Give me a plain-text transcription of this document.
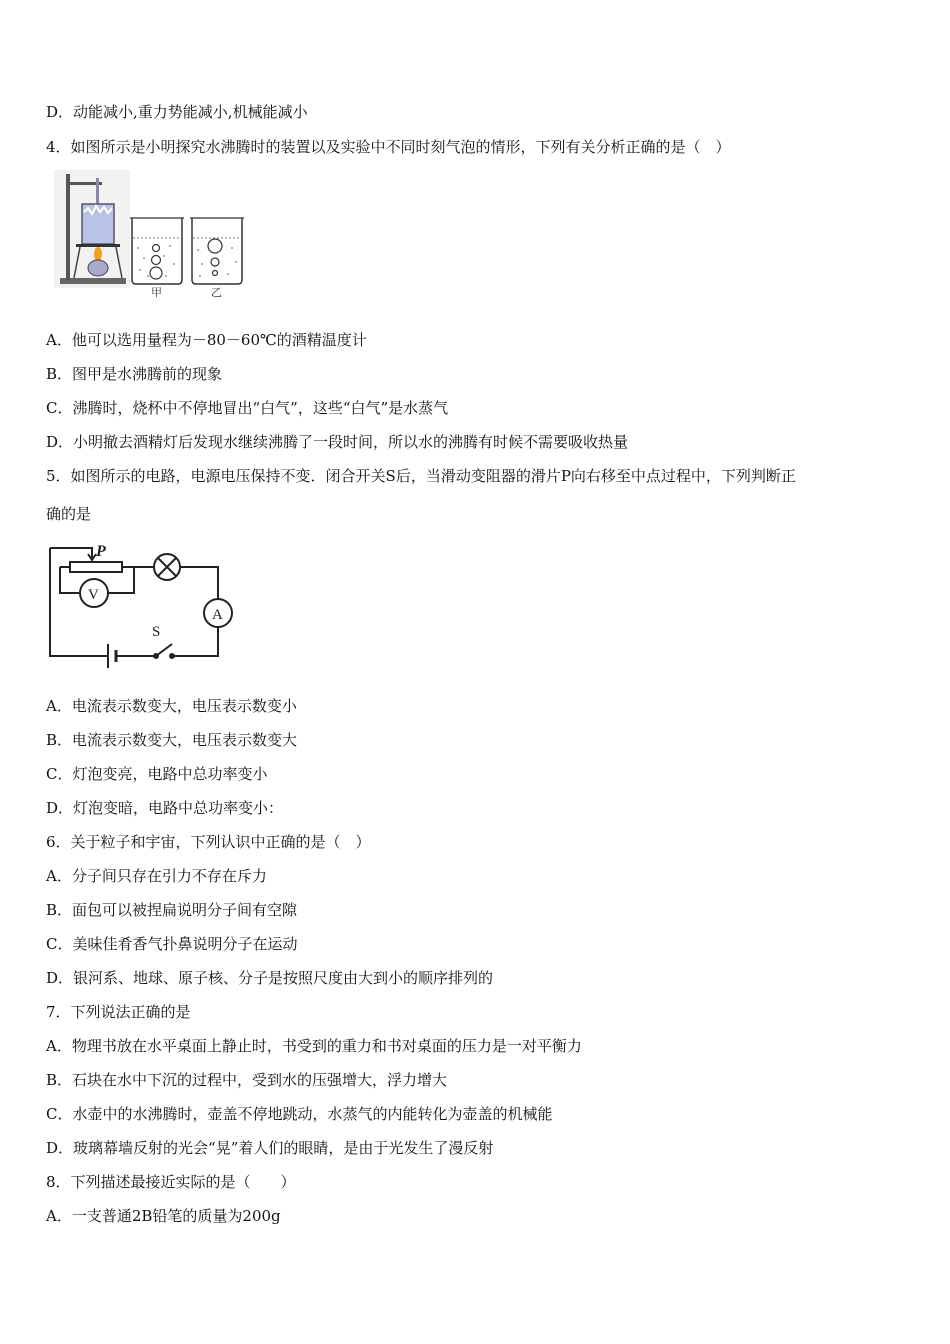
D．动能减小,重力势能减小,机械能减小
4．如图所示是小明探究水沸腾时的装置以及实验中不同时刻气泡的情形，下列有关分析正确的是（　）
甲	乙
A．他可以选用量程为－80－60℃的酒精温度计
B．图甲是水沸腾前的现象
C．沸腾时，烧杯中不停地冒出“白气”，这些“白气”是水蒸气
D．小明撤去酒精灯后发现水继续沸腾了一段时间，所以水的沸腾有时候不需要吸收热量
5．如图所示的电路，电源电压保持不变．闭合开关S后，当滑动变阻器的滑片P向右移至中点过程中，下列判断正
确的是
P
V
A
S
A．电流表示数变大，电压表示数变小
B．电流表示数变大，电压表示数变大
C．灯泡变亮，电路中总功率变小
D．灯泡变暗，电路中总功率变小：
6．关于粒子和宇宙，下列认识中正确的是（　）
A．分子间只存在引力不存在斥力
B．面包可以被捏扁说明分子间有空隙
C．美味佳肴香气扑鼻说明分子在运动
D．银河系、地球、原子核、分子是按照尺度由大到小的顺序排列的
7．下列说法正确的是
A．物理书放在水平桌面上静止时，书受到的重力和书对桌面的压力是一对平衡力
B．石块在水中下沉的过程中，受到水的压强增大，浮力增大
C．水壶中的水沸腾时，壶盖不停地跳动，水蒸气的内能转化为壶盖的机械能
D．玻璃幕墙反射的光会“晃”着人们的眼睛，是由于光发生了漫反射
8．下列描述最接近实际的是（　　）
A．一支普通2B铅笔的质量为200g
